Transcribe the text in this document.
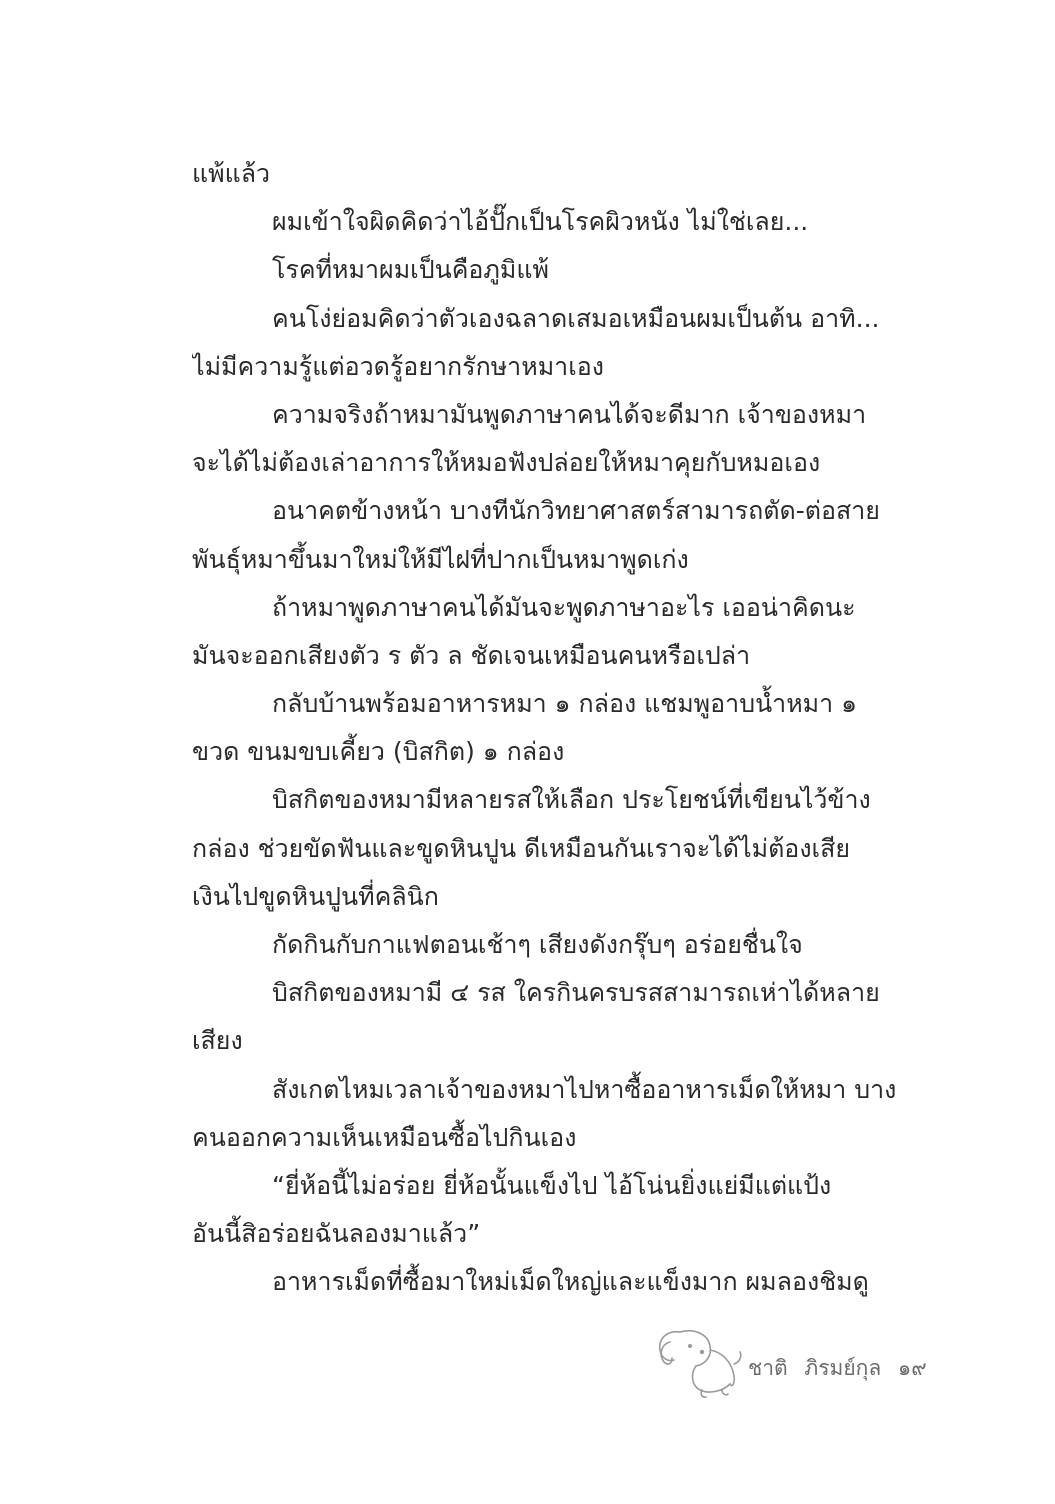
แพ้แล้ว
ผมเข้าใจผิดคิดว่าไอ้ปั๊กเป็นโรคผิวหนัง ไม่ใช่เลย...
โรคที่หมาผมเป็นคือภูมิแพ้
คนโง่ย่อมคิดว่าตัวเองฉลาดเสมอเหมือนผมเป็นต้น อาทิ...
ไม่มีความรู้แต่อวดรู้อยากรักษาหมาเอง
ความจริงถ้าหมามันพูดภาษาคนได้จะดีมาก เจ้าของหมา
จะได้ไม่ต้องเล่าอาการให้หมอฟังปล่อยให้หมาคุยกับหมอเอง
อนาคตข้างหน้า บางทีนักวิทยาศาสตร์สามารถตัด-ต่อสาย
พันธุ์หมาขึ้นมาใหม่ให้มีไฝที่ปากเป็นหมาพูดเก่ง
ถ้าหมาพูดภาษาคนได้มันจะพูดภาษาอะไร เออน่าคิดนะ
มันจะออกเสียงตัว ร ตัว ล ชัดเจนเหมือนคนหรือเปล่า
กลับบ้านพร้อมอาหารหมา ๑ กล่อง แชมพูอาบน้ำหมา ๑
ขวด ขนมขบเคี้ยว (บิสกิต) ๑ กล่อง
บิสกิตของหมามีหลายรสให้เลือก ประโยชน์ที่เขียนไว้ข้าง
กล่อง ช่วยขัดฟันและขูดหินปูน ดีเหมือนกันเราจะได้ไม่ต้องเสีย
เงินไปขูดหินปูนที่คลินิก
กัดกินกับกาแฟตอนเช้าๆ เสียงดังกรุ๊บๆ อร่อยชื่นใจ
บิสกิตของหมามี ๔ รส ใครกินครบรสสามารถเห่าได้หลาย
เสียง
สังเกตไหมเวลาเจ้าของหมาไปหาซื้ออาหารเม็ดให้หมา บาง
คนออกความเห็นเหมือนซื้อไปกินเอง
“ยี่ห้อนี้ไม่อร่อย ยี่ห้อนั้นแข็งไป ไอ้โน่นยิ่งแย่มีแต่แป้ง
อันนี้สิอร่อยฉันลองมาแล้ว”
อาหารเม็ดที่ซื้อมาใหม่เม็ดใหญ่และแข็งมาก ผมลองชิมดู
ชาติ ภิรมย์กุล ๑๙
